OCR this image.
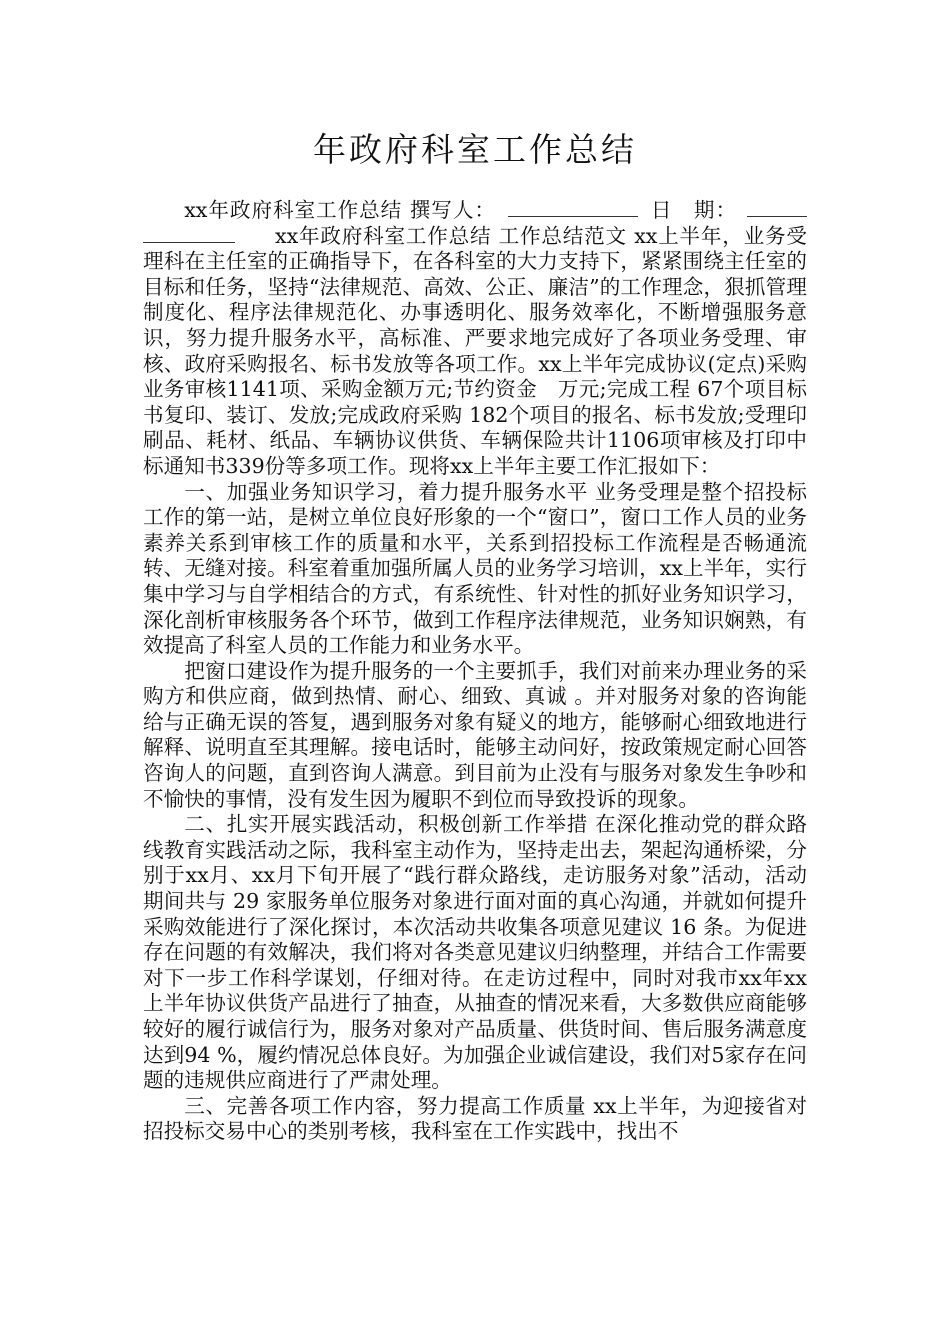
年政府科室工作总结

xx年政府科室工作总结 撰写人：	日　期：xx年政府科室工作总结 工作总结范文 xx上半年，业务受理科在主任室的正确指导下，在各科室的大力支持下，紧紧围绕主任室的目标和任务，坚持“法律规范、高效、公正、廉洁”的工作理念，狠抓管理制度化、程序法律规范化、办事透明化、服务效率化，不断增强服务意识，努力提升服务水平，高标准、严要求地完成好了各项业务受理、审核、政府采购报名、标书发放等各项工作。xx上半年完成协议(定点)采购业务审核1141项、采购金额万元;节约资金　万元;完成工程 67个项目标书复印、装订、发放;完成政府采购 182个项目的报名、标书发放;受理印刷品、耗材、纸品、车辆协议供货、车辆保险共计1106项审核及打印中标通知书339份等多项工作。现将xx上半年主要工作汇报如下：

一、加强业务知识学习，着力提升服务水平 业务受理是整个招投标工作的第一站，是树立单位良好形象的一个“窗口”，窗口工作人员的业务素养关系到审核工作的质量和水平，关系到招投标工作流程是否畅通流转、无缝对接。科室着重加强所属人员的业务学习培训，xx上半年，实行集中学习与自学相结合的方式，有系统性、针对性的抓好业务知识学习，深化剖析审核服务各个环节，做到工作程序法律规范，业务知识娴熟，有效提高了科室人员的工作能力和业务水平。

把窗口建设作为提升服务的一个主要抓手，我们对前来办理业务的采购方和供应商，做到热情、耐心、细致、真诚 。并对服务对象的咨询能给与正确无误的答复，遇到服务对象有疑义的地方，能够耐心细致地进行解释、说明直至其理解。接电话时，能够主动问好，按政策规定耐心回答咨询人的问题，直到咨询人满意。到目前为止没有与服务对象发生争吵和不愉快的事情，没有发生因为履职不到位而导致投诉的现象。

二、扎实开展实践活动，积极创新工作举措 在深化推动党的群众路线教育实践活动之际，我科室主动作为，坚持走出去，架起沟通桥梁，分别于xx月、xx月下旬开展了“践行群众路线，走访服务对象”活动，活动期间共与 29 家服务单位服务对象进行面对面的真心沟通，并就如何提升采购效能进行了深化探讨，本次活动共收集各项意见建议 16 条。为促进存在问题的有效解决，我们将对各类意见建议归纳整理，并结合工作需要对下一步工作科学谋划，仔细对待。在走访过程中，同时对我市xx年xx上半年协议供货产品进行了抽查，从抽查的情况来看，大多数供应商能够较好的履行诚信行为，服务对象对产品质量、供货时间、售后服务满意度达到94 %，履约情况总体良好。为加强企业诚信建设，我们对5家存在问题的违规供应商进行了严肃处理。

三、完善各项工作内容，努力提高工作质量 xx上半年，为迎接省对招投标交易中心的类别考核，我科室在工作实践中，找出不
